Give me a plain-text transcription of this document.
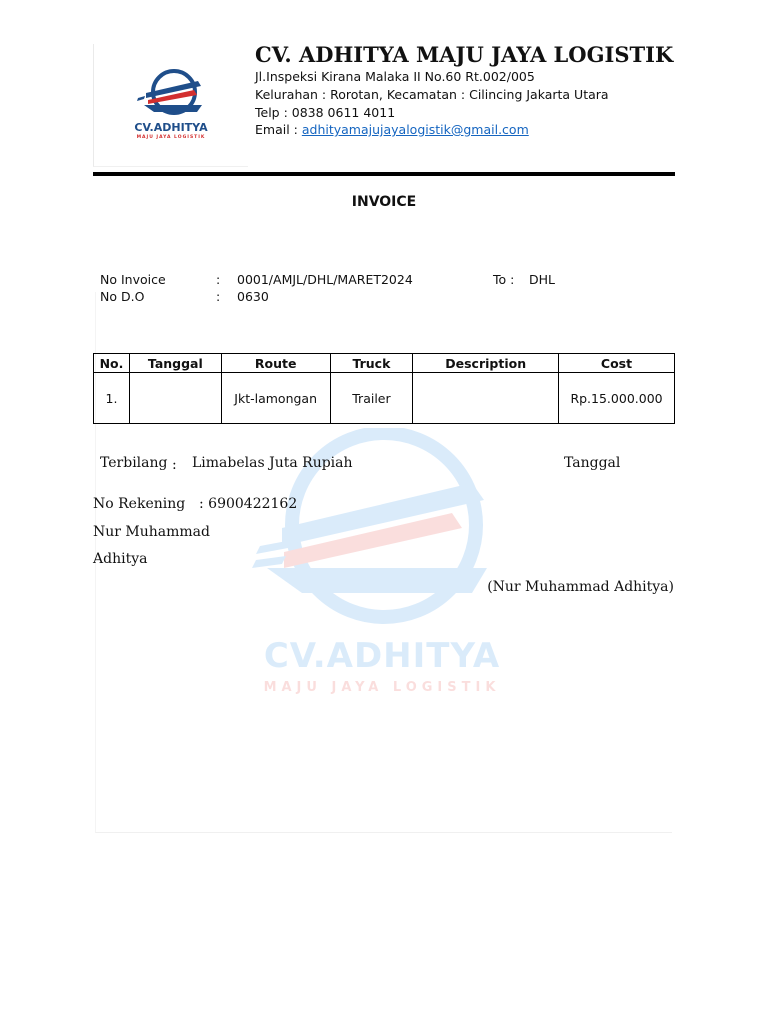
CV.ADHITYA
MAJU JAYA LOGISTIK
CV.ADHITYA
MAJU JAYA LOGISTIK
CV. ADHITYA MAJU JAYA LOGISTIK
Jl.Inspeksi Kirana Malaka II No.60 Rt.002/005
Kelurahan : Rorotan, Kecamatan : Cilincing Jakarta Utara
Telp : 0838 0611 4011
Email : adhityamajujayalogistik@gmail.com
INVOICE
No Invoice	: 0001/AMJL/DHL/MARET2024	To : DHL
No D.O	: 0630
No.	Tanggal	Route	Truck	Description	Cost
1.		Jkt-lamongan	Trailer		Rp.15.000.000
Terbilang : Limabelas Juta Rupiah	Tanggal
No Rekening : 6900422162
Nur Muhammad
Adhitya
(Nur Muhammad Adhitya)
